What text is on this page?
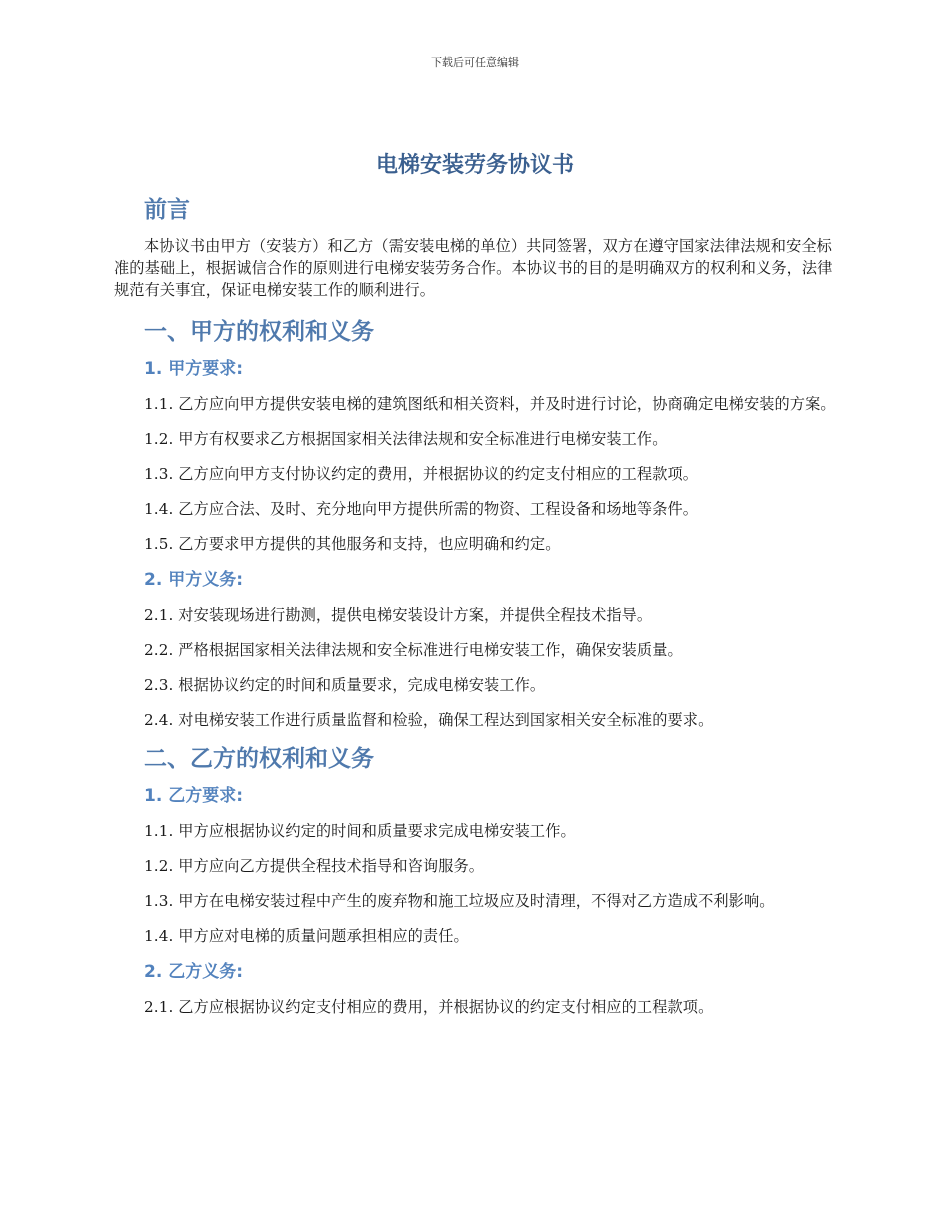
下载后可任意编辑
电梯安装劳务协议书
前言

本协议书由甲方（安装方）和乙方（需安装电梯的单位）共同签署，双方在遵守国家法律法规和安全标准的基础上，根据诚信合作的原则进行电梯安装劳务合作。本协议书的目的是明确双方的权利和义务，法律规范有关事宜，保证电梯安装工作的顺利进行。

一、甲方的权利和义务
1. 甲方要求:

1.1. 乙方应向甲方提供安装电梯的建筑图纸和相关资料，并及时进行讨论，协商确定电梯安装的方案。

1.2. 甲方有权要求乙方根据国家相关法律法规和安全标准进行电梯安装工作。

1.3. 乙方应向甲方支付协议约定的费用，并根据协议的约定支付相应的工程款项。

1.4. 乙方应合法、及时、充分地向甲方提供所需的物资、工程设备和场地等条件。

1.5. 乙方要求甲方提供的其他服务和支持，也应明确和约定。

2. 甲方义务:

2.1. 对安装现场进行勘测，提供电梯安装设计方案，并提供全程技术指导。

2.2. 严格根据国家相关法律法规和安全标准进行电梯安装工作，确保安装质量。

2.3. 根据协议约定的时间和质量要求，完成电梯安装工作。

2.4. 对电梯安装工作进行质量监督和检验，确保工程达到国家相关安全标准的要求。

二、乙方的权利和义务
1. 乙方要求:

1.1. 甲方应根据协议约定的时间和质量要求完成电梯安装工作。

1.2. 甲方应向乙方提供全程技术指导和咨询服务。

1.3. 甲方在电梯安装过程中产生的废弃物和施工垃圾应及时清理，不得对乙方造成不利影响。

1.4. 甲方应对电梯的质量问题承担相应的责任。

2. 乙方义务:

2.1. 乙方应根据协议约定支付相应的费用，并根据协议的约定支付相应的工程款项。
